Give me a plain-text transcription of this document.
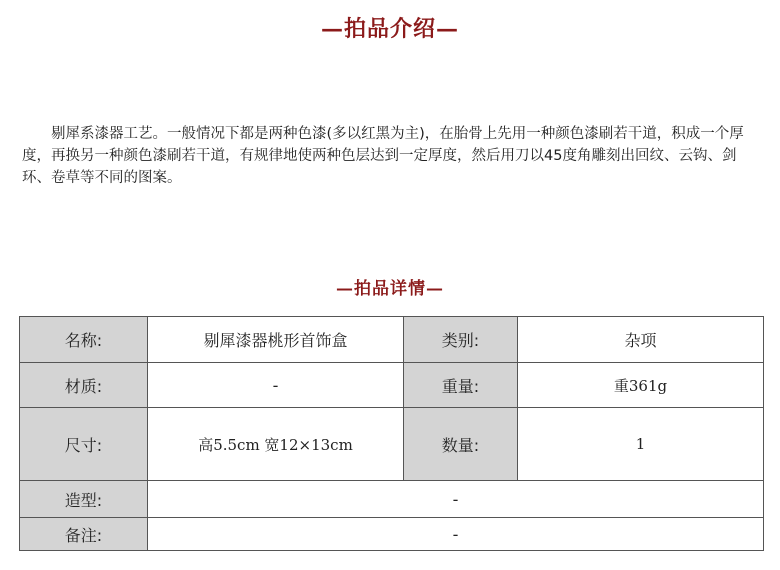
—拍品介绍—

剔犀系漆器工艺。一般情况下都是两种色漆(多以红黑为主)，在胎骨上先用一种颜色漆刷若干道，积成一个厚度，再换另一种颜色漆刷若干道，有规律地使两种色层达到一定厚度，然后用刀以45度角雕刻出回纹、云钩、剑环、卷草等不同的图案。

—拍品详情—
名称:	剔犀漆器桃形首饰盒	类别:	杂项
材质:	-	重量:	重361g
尺寸:	高5.5cm 宽12×13cm	数量:	1
造型:	-		
备注:	-		
